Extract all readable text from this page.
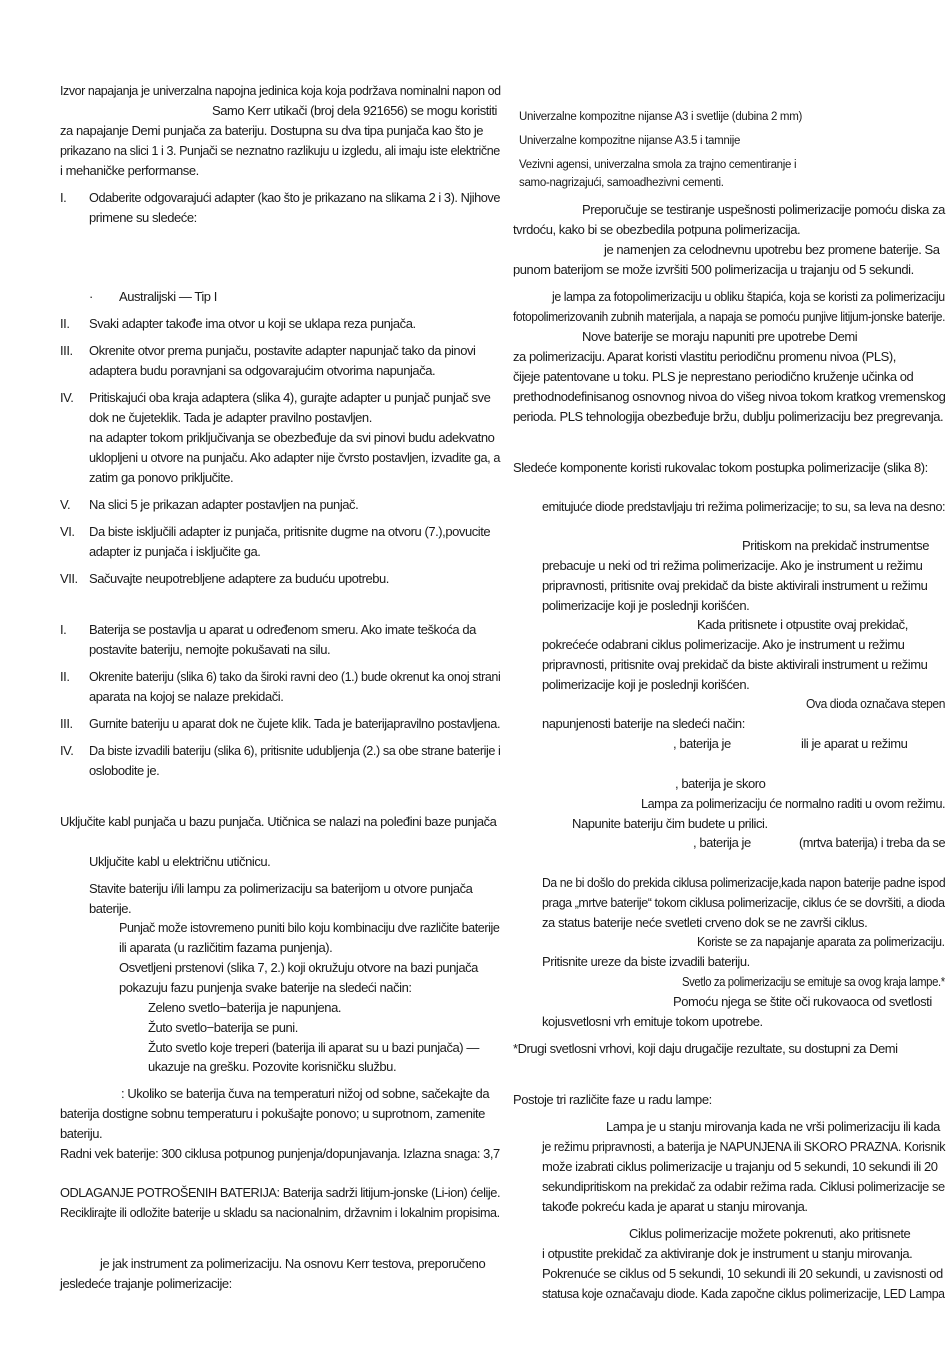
Izvor napajanja je univerzalna napojna jedinica koja koja podržava nominalni napon od
Samo Kerr utikači (broj dela 921656) se mogu koristiti
za napajanje Demi punjača za bateriju. Dostupna su dva tipa punjača kao što je
prikazano na slici 1 i 3. Punjači se neznatno razlikuju u izgledu, ali imaju iste električne
i mehaničke performanse.
I. Odaberite odgovarajući adapter (kao što je prikazano na slikama 2 i 3). Njihove
primene su sledeće:
· Australijski — Tip I
II. Svaki adapter takođe ima otvor u koji se uklapa reza punjača.
III. Okrenite otvor prema punjaču, postavite adapter napunjač tako da pinovi
adaptera budu poravnjani sa odgovarajućim otvorima napunjača.
IV. Pritiskajući oba kraja adaptera (slika 4), gurajte adapter u punjač punjač sve
dok ne čujeteklik. Tada je adapter pravilno postavljen.
na adapter tokom priključivanja se obezbeđuje da svi pinovi budu adekvatno
uklopljeni u otvore na punjaču. Ako adapter nije čvrsto postavljen, izvadite ga, a
zatim ga ponovo priključite.
V. Na slici 5 je prikazan adapter postavljen na punjač.
VI. Da biste isključili adapter iz punjača, pritisnite dugme na otvoru (7.),povucite
adapter iz punjača i isključite ga.
VII. Sačuvajte neupotrebljene adaptere za buduću upotrebu.
I. Baterija se postavlja u aparat u određenom smeru. Ako imate teškoća da
postavite bateriju, nemojte pokušavati na silu.
II. Okrenite bateriju (slika 6) tako da široki ravni deo (1.) bude okrenut ka onoj strani
aparata na kojoj se nalaze prekidači.
III. Gurnite bateriju u aparat dok ne čujete klik. Tada je baterijapravilno postavljena.
IV. Da biste izvadili bateriju (slika 6), pritisnite udubljenja (2.) sa obe strane baterije i
oslobodite je.
Uključite kabl punjača u bazu punjača. Utičnica se nalazi na poleđini baze punjača
Uključite kabl u električnu utičnicu.
Stavite bateriju i/ili lampu za polimerizaciju sa baterijom u otvore punjača
baterije.
Punjač može istovremeno puniti bilo koju kombinaciju dve različite baterije
ili aparata (u različitim fazama punjenja).
Osvetljeni prstenovi (slika 7, 2.) koji okružuju otvore na bazi punjača
pokazuju fazu punjenja svake baterije na sledeći način:
Zeleno svetlo−baterija je napunjena.
Žuto svetlo−baterija se puni.
Žuto svetlo koje treperi (baterija ili aparat su u bazi punjača) —
ukazuje na grešku. Pozovite korisničku službu.
: Ukoliko se baterija čuva na temperaturi nižoj od sobne, sačekajte da
baterija dostigne sobnu temperaturu i pokušajte ponovo; u suprotnom, zamenite
bateriju.
Radni vek baterije: 300 ciklusa potpunog punjenja/dopunjavanja. Izlazna snaga: 3,7
ODLAGANJE POTROŠENIH BATERIJA: Baterija sadrži litijum-jonske (Li-ion) ćelije.
Reciklirajte ili odložite baterije u skladu sa nacionalnim, državnim i lokalnim propisima.
je jak instrument za polimerizaciju. Na osnovu Kerr testova, preporučeno
jesledeće trajanje polimerizacije:
Univerzalne kompozitne nijanse A3 i svetlije (dubina 2 mm)
Univerzalne kompozitne nijanse A3.5 i tamnije
Vezivni agensi, univerzalna smola za trajno cementiranje i
samo-nagrizajući, samoadhezivni cementi.
Preporučuje se testiranje uspešnosti polimerizacije pomoću diska za
tvrdoću, kako bi se obezbedila potpuna polimerizacija.
je namenjen za celodnevnu upotrebu bez promene baterije. Sa
punom baterijom se može izvršiti 500 polimerizacija u trajanju od 5 sekundi.
je lampa za fotopolimerizaciju u obliku štapića, koja se koristi za polimerizaciju
fotopolimerizovanih zubnih materijala, a napaja se pomoću punjive litijum-jonske baterije.
Nove baterije se moraju napuniti pre upotrebe Demi
za polimerizaciju. Aparat koristi vlastitu periodičnu promenu nivoa (PLS),
čijeje patentovane u toku. PLS je neprestano periodično kruženje učinka od
prethodnodefinisanog osnovnog nivoa do višeg nivoa tokom kratkog vremenskog
perioda. PLS tehnologija obezbeđuje bržu, dublju polimerizaciju bez pregrevanja.
Sledeće komponente koristi rukovalac tokom postupka polimerizacije (slika 8):
emitujuće diode predstavljaju tri režima polimerizacije; to su, sa leva na desno:
Pritiskom na prekidač instrumentse
prebacuje u neki od tri režima polimerizacije. Ako je instrument u režimu
pripravnosti, pritisnite ovaj prekidač da biste aktivirali instrument u režimu
polimerizacije koji je poslednji korišćen.
Kada pritisnete i otpustite ovaj prekidač,
pokrećeće odabrani ciklus polimerizacije. Ako je instrument u režimu
pripravnosti, pritisnite ovaj prekidač da biste aktivirali instrument u režimu
polimerizacije koji je poslednji korišćen.
Ova dioda označava stepen
napunjenosti baterije na sledeći način:
, baterija je	ili je aparat u režimu
, baterija je skoro
Lampa za polimerizaciju će normalno raditi u ovom režimu.
Napunite bateriju čim budete u prilici.
, baterija je	(mrtva baterija) i treba da se
Da ne bi došlo do prekida ciklusa polimerizacije,kada napon baterije padne ispod
praga „mrtve baterije“ tokom ciklusa polimerizacije, ciklus će se dovršiti, a dioda
za status baterije neće svetleti crveno dok se ne završi ciklus.
Koriste se za napajanje aparata za polimerizaciju.
Pritisnite ureze da biste izvadili bateriju.
Svetlo za polimerizaciju se emituje sa ovog kraja lampe.*
Pomoću njega se štite oči rukovaoca od svetlosti
kojusvetlosni vrh emituje tokom upotrebe.
*Drugi svetlosni vrhovi, koji daju drugačije rezultate, su dostupni za Demi
Postoje tri različite faze u radu lampe:
Lampa je u stanju mirovanja kada ne vrši polimerizaciju ili kada
je režimu pripravnosti, a baterija je NAPUNJENA ili SKORO PRAZNA. Korisnik
može izabrati ciklus polimerizacije u trajanju od 5 sekundi, 10 sekundi ili 20
sekundipritiskom na prekidač za odabir režima rada. Ciklusi polimerizacije se
takođe pokreću kada je aparat u stanju mirovanja.
Ciklus polimerizacije možete pokrenuti, ako pritisnete
i otpustite prekidač za aktiviranje dok je instrument u stanju mirovanja.
Pokrenuće se ciklus od 5 sekundi, 10 sekundi ili 20 sekundi, u zavisnosti od
statusa koje označavaju diode. Kada započne ciklus polimerizacije, LED Lampa
